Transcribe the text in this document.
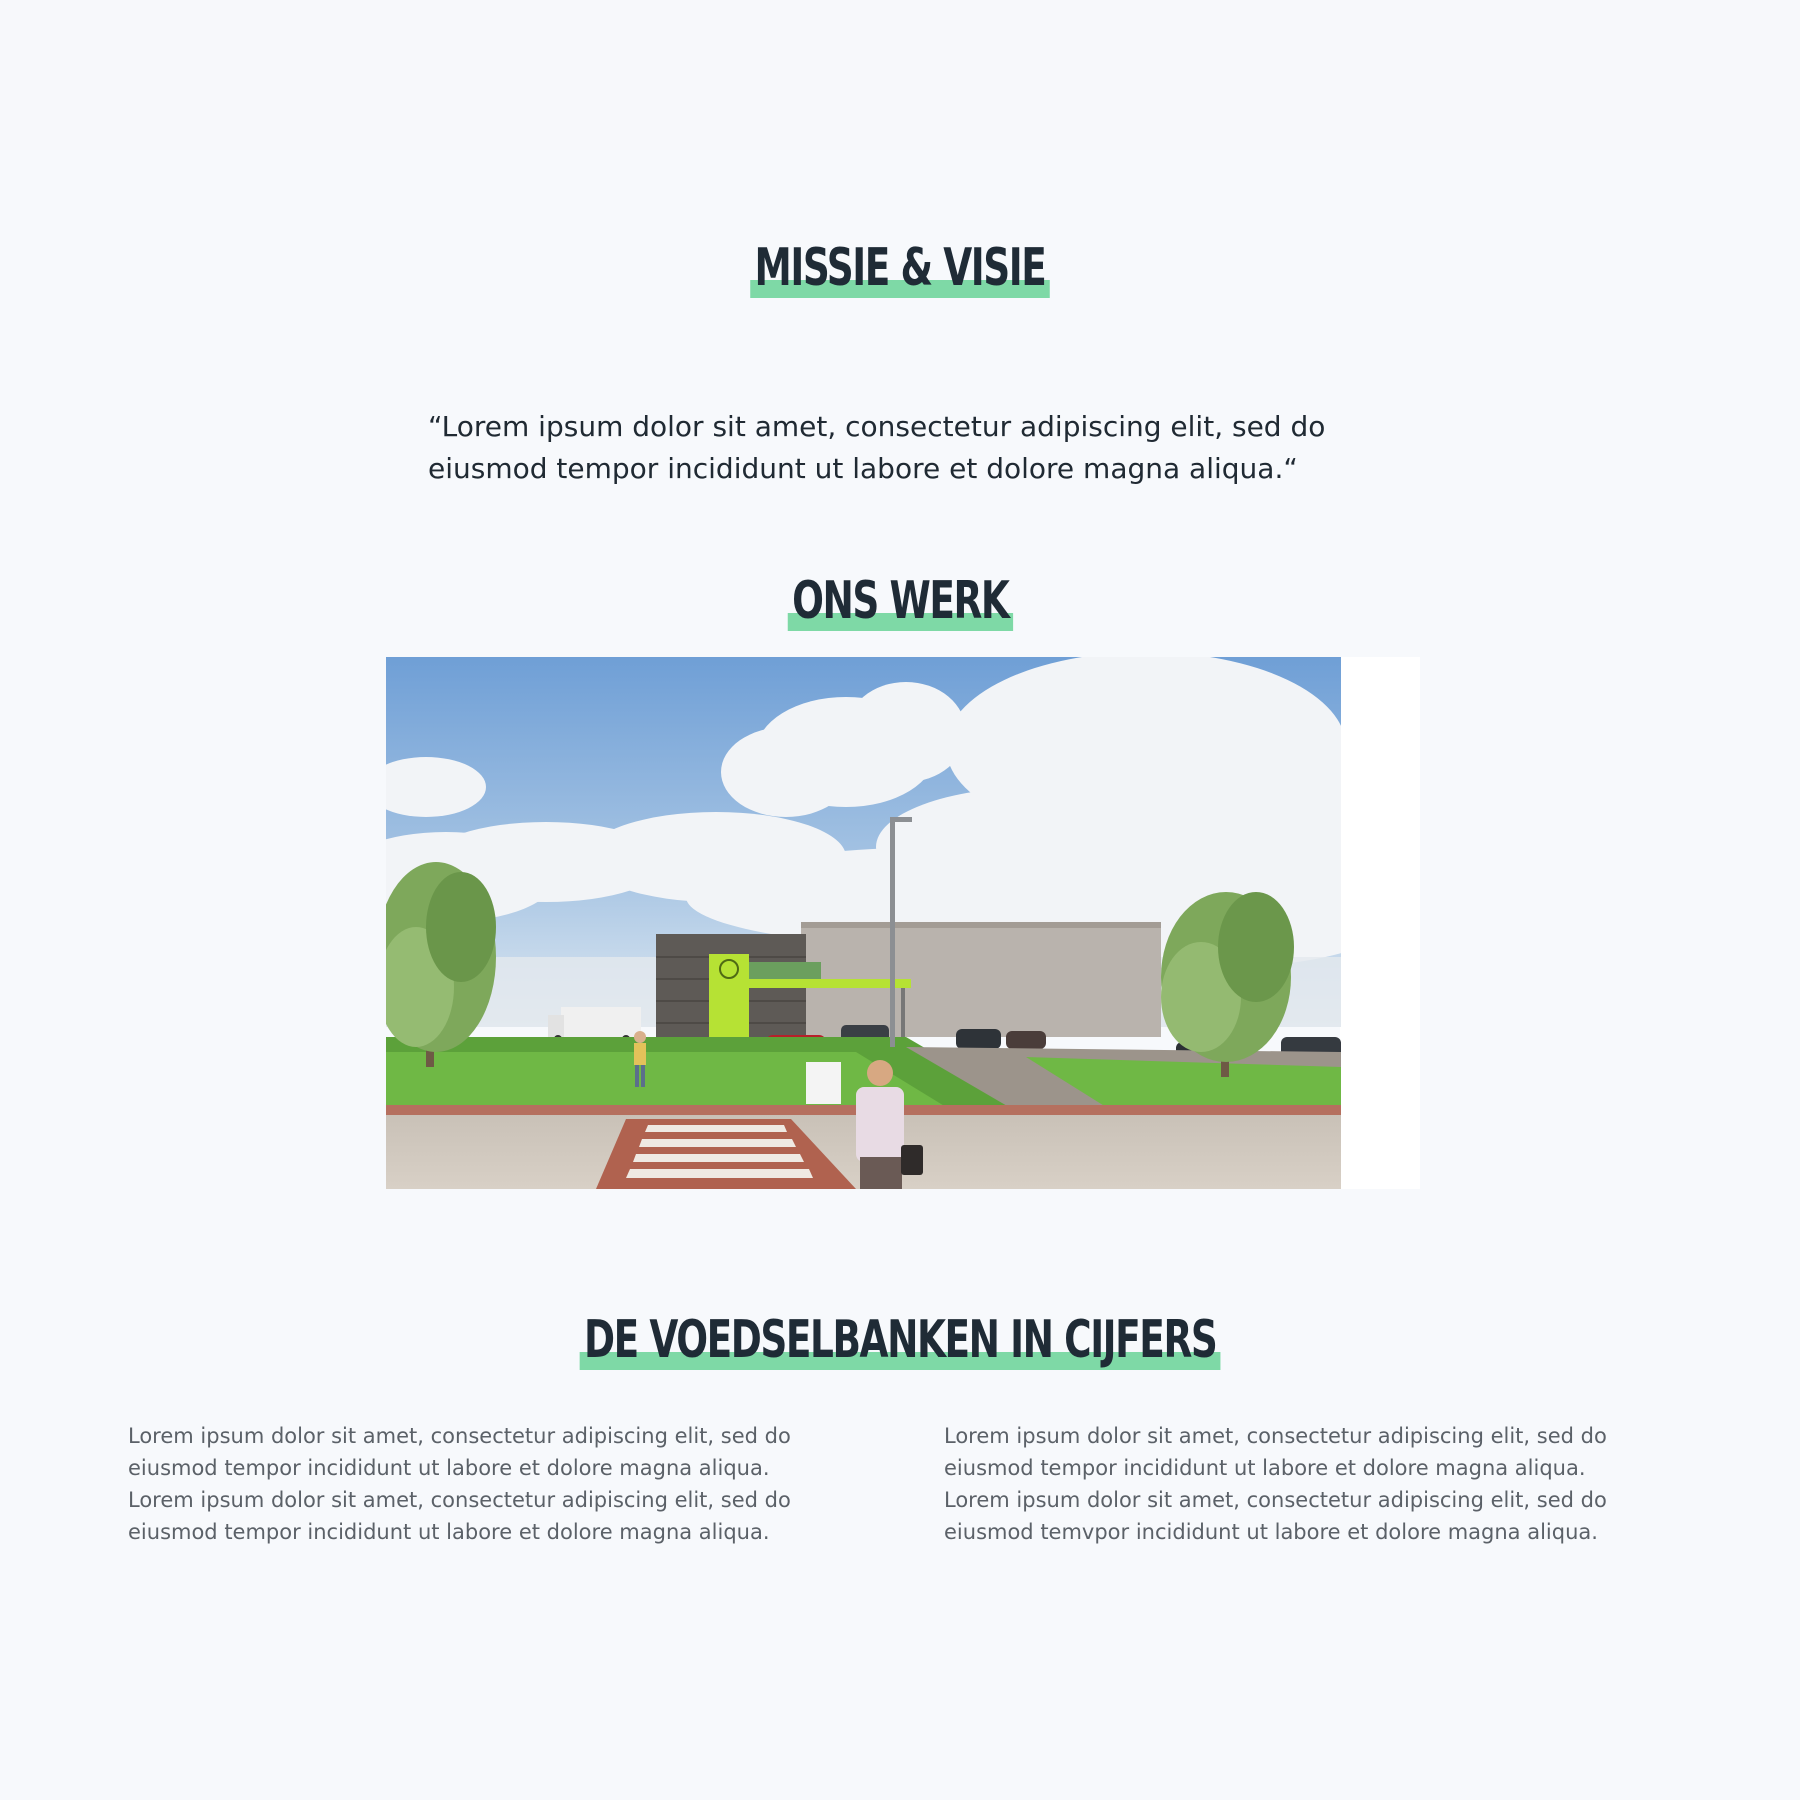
MISSIE & VISIE

“Lorem ipsum dolor sit amet, consectetur adipiscing elit, sed do
eiusmod tempor incididunt ut labore et dolore magna aliqua.“

ONS WERK
DE VOEDSELBANKEN IN CIJFERS

Lorem ipsum dolor sit amet, consectetur adipiscing elit, sed do
eiusmod tempor incididunt ut labore et dolore magna aliqua.
Lorem ipsum dolor sit amet, consectetur adipiscing elit, sed do
eiusmod tempor incididunt ut labore et dolore magna aliqua.

Lorem ipsum dolor sit amet, consectetur adipiscing elit, sed do
eiusmod tempor incididunt ut labore et dolore magna aliqua.
Lorem ipsum dolor sit amet, consectetur adipiscing elit, sed do
eiusmod temvpor incididunt ut labore et dolore magna aliqua.
